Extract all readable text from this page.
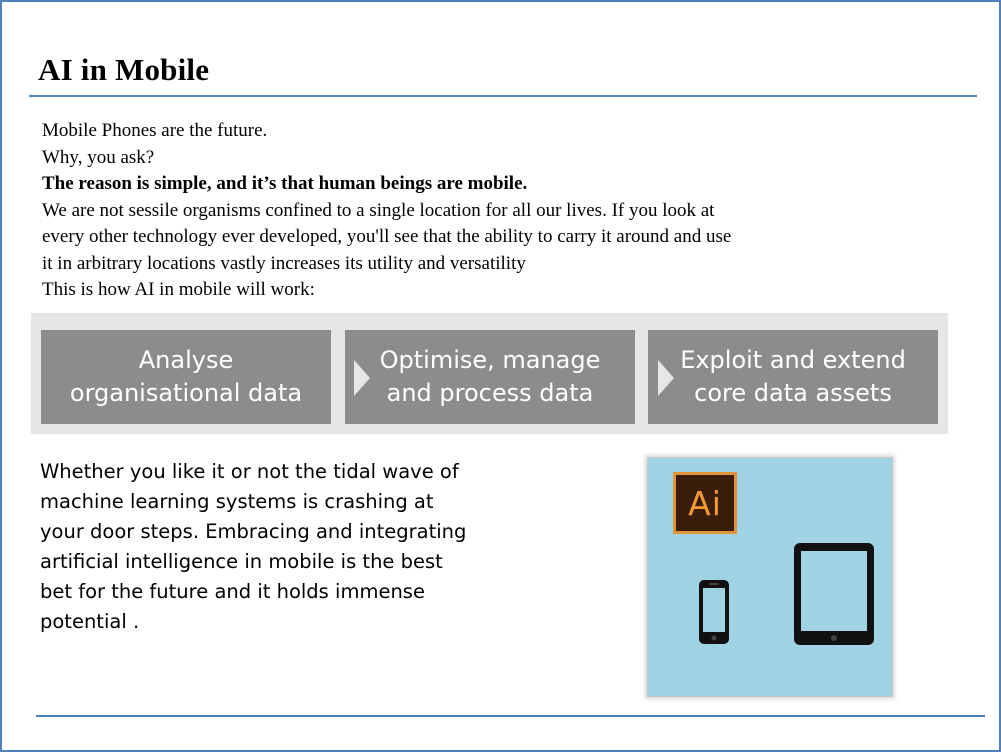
AI in Mobile
Mobile Phones are the future.
Why, you ask?
The reason is simple, and it’s that human beings are mobile.
We are not sessile organisms confined to a single location for all our lives. If you look at
every other technology ever developed, you'll see that the ability to carry it around and use
it in arbitrary locations vastly increases its utility and versatility
This is how AI in mobile will work:
Analyse organisational data
Optimise, manage and process data
Exploit and extend core data assets
Whether you like it or not the tidal wave of machine learning systems is crashing at your door steps. Embracing and integrating artificial intelligence in mobile is the best bet for the future and it holds immense potential .
Ai
